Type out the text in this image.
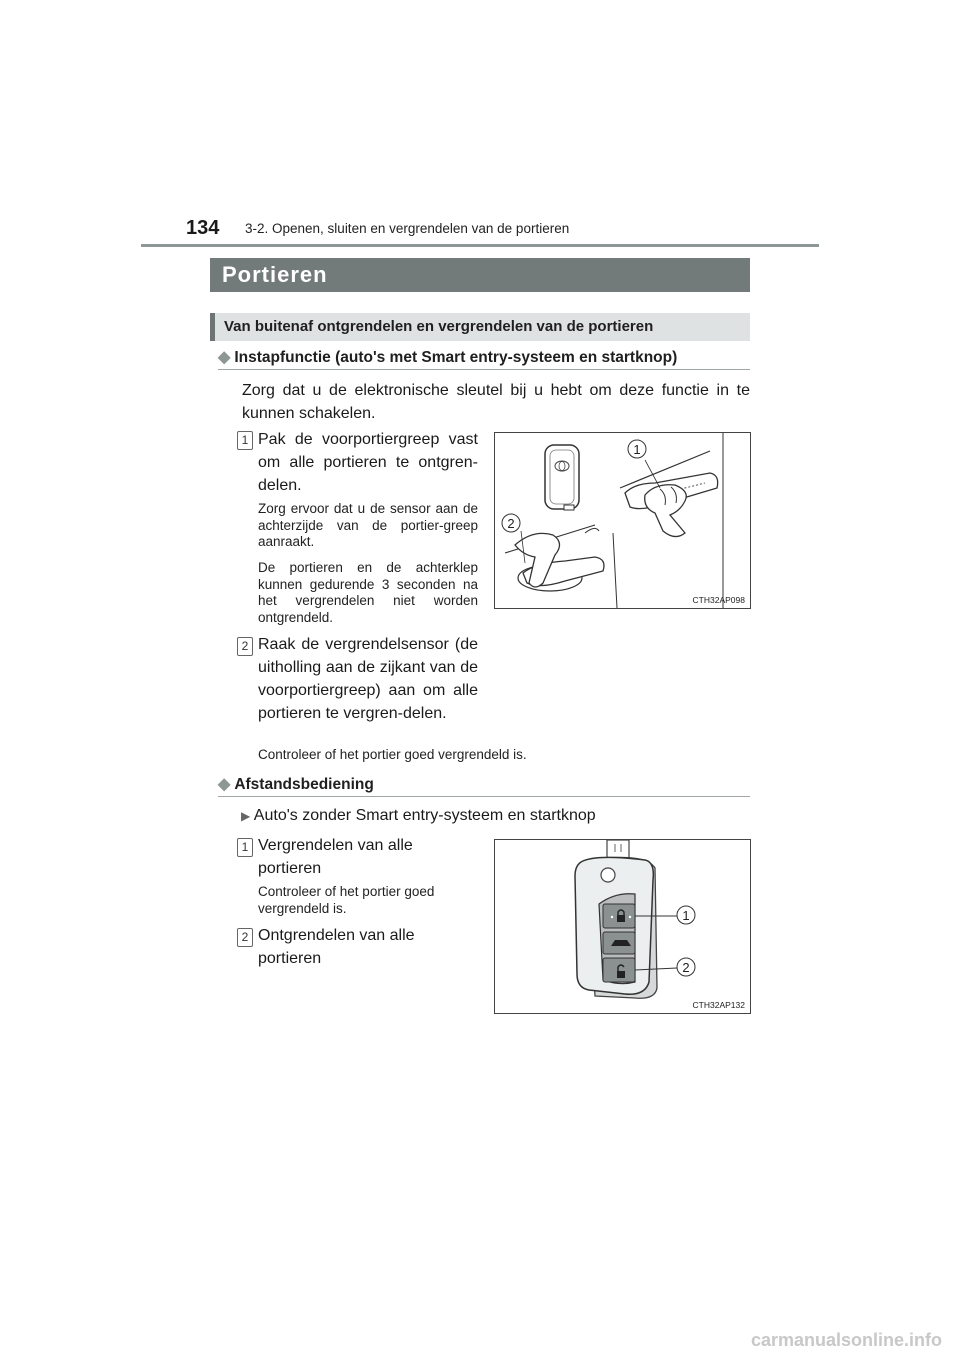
134 3-2. Openen, sluiten en vergrendelen van de portieren
Portieren
Van buitenaf ontgrendelen en vergrendelen van de portieren
◆ Instapfunctie (auto's met Smart entry-systeem en startknop)
Zorg dat u de elektronische sleutel bij u hebt om deze functie in te kunnen schakelen.
1 Pak de voorportiergreep vast om alle portieren te ontgren-delen.
Zorg ervoor dat u de sensor aan de achterzijde van de portier-greep aanraakt.
De portieren en de achterklep kunnen gedurende 3 seconden na het vergrendelen niet worden ontgrendeld.
1
2
CTH32AP098
2 Raak de vergrendelsensor (de uitholling aan de zijkant van de voorportiergreep) aan om alle portieren te vergren-delen.
Controleer of het portier goed vergrendeld is.
◆ Afstandsbediening
▶ Auto's zonder Smart entry-systeem en startknop
1 Vergrendelen van alle portieren
Controleer of het portier goed vergrendeld is.
2 Ontgrendelen van alle portieren
1
2
CTH32AP132
carmanualsonline.info
